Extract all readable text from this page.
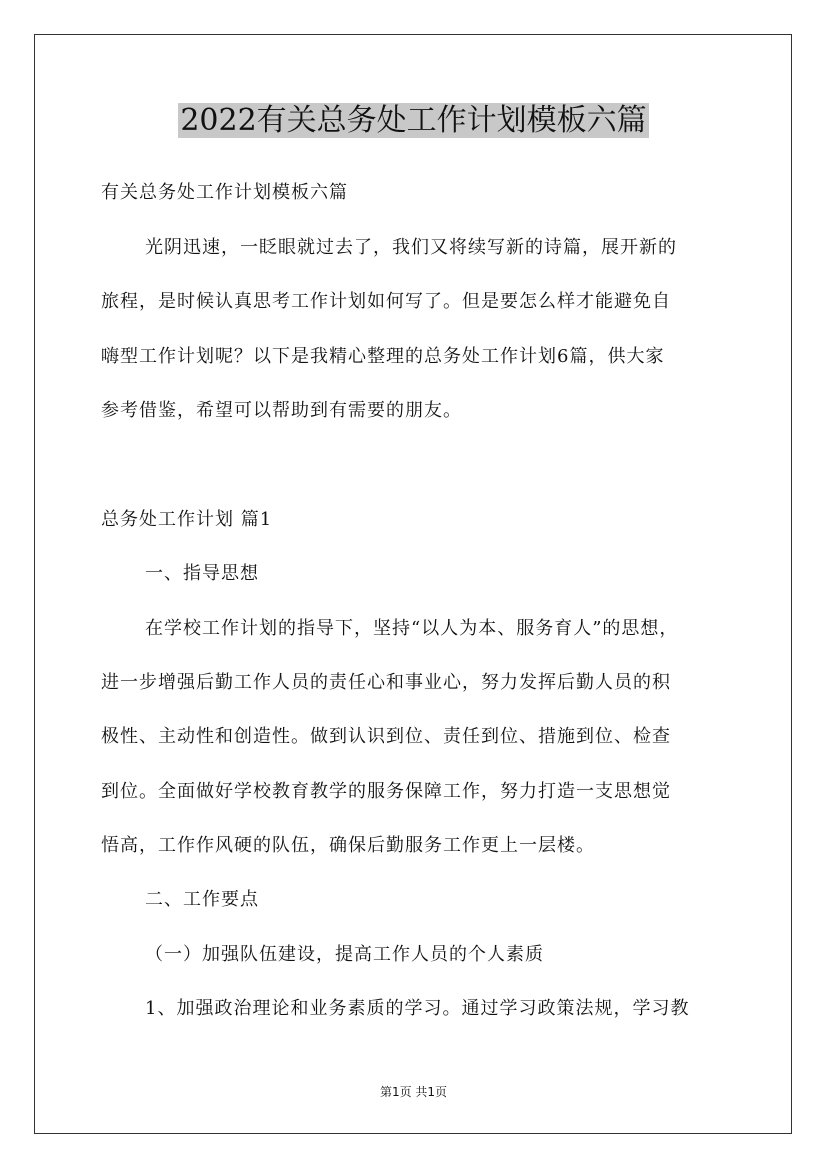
2022有关总务处工作计划模板六篇
有关总务处工作计划模板六篇
光阴迅速，一眨眼就过去了，我们又将续写新的诗篇，展开新的
旅程，是时候认真思考工作计划如何写了。但是要怎么样才能避免自
嗨型工作计划呢？以下是我精心整理的总务处工作计划6篇，供大家
参考借鉴，希望可以帮助到有需要的朋友。
总务处工作计划 篇1
一、指导思想
在学校工作计划的指导下，坚持“以人为本、服务育人”的思想，
进一步增强后勤工作人员的责任心和事业心，努力发挥后勤人员的积
极性、主动性和创造性。做到认识到位、责任到位、措施到位、检查
到位。全面做好学校教育教学的服务保障工作，努力打造一支思想觉
悟高，工作作风硬的队伍，确保后勤服务工作更上一层楼。
二、工作要点
（一）加强队伍建设，提高工作人员的个人素质
1、加强政治理论和业务素质的学习。通过学习政策法规，学习教
第1页 共1页
